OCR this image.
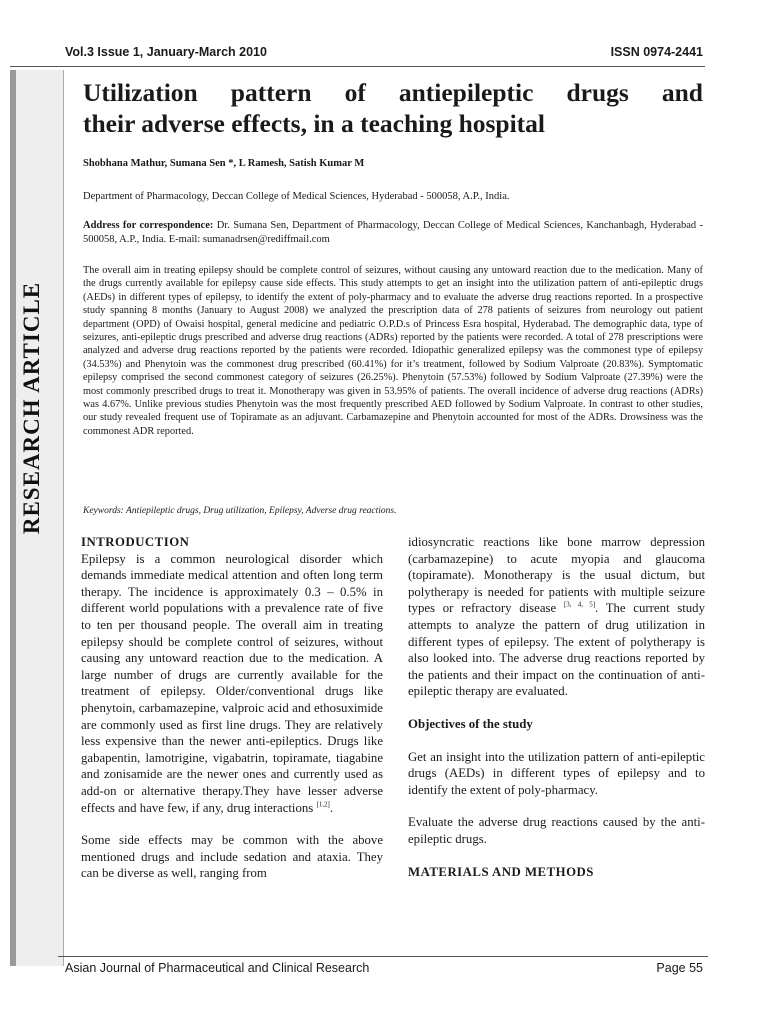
Vol.3 Issue 1, January-March 2010	ISSN 0974-2441
RESEARCH ARTICLE
Utilization pattern of antiepileptic drugs and
their adverse effects, in a teaching hospital
Shobhana Mathur, Sumana Sen *, L Ramesh, Satish Kumar M
Department of Pharmacology, Deccan College of Medical Sciences, Hyderabad - 500058, A.P., India.
Address for correspondence: Dr. Sumana Sen, Department of Pharmacology, Deccan College of Medical Sciences, Kanchanbagh, Hyderabad - 500058, A.P., India. E-mail: sumanadrsen@rediffmail.com

The overall aim in treating epilepsy should be complete control of seizures, without causing any untoward reaction due to the medication. Many of the drugs currently available for epilepsy cause side effects. This study attempts to get an insight into the utilization pattern of anti-epileptic drugs (AEDs) in different types of epilepsy, to identify the extent of poly-pharmacy and to evaluate the adverse drug reactions reported. In a prospective study spanning 8 months (January to August 2008) we analyzed the prescription data of 278 patients of seizures from neurology out patient department (OPD) of Owaisi hospital, general medicine and pediatric O.P.D.s of Princess Esra hospital, Hyderabad. The demographic data, type of seizures, anti-epileptic drugs prescribed and adverse drug reactions (ADRs) reported by the patients were recorded. A total of 278 prescriptions were analyzed and adverse drug reactions reported by the patients were recorded. Idiopathic generalized epilepsy was the commonest type of epilepsy (34.53%) and Phenytoin was the commonest drug prescribed (60.41%) for it’s treatment, followed by Sodium Valproate (20.83%). Symptomatic epilepsy comprised the second commonest category of seizures (26.25%). Phenytoin (57.53%) followed by Sodium Valproate (27.39%) were the most commonly prescribed drugs to treat it. Monotherapy was given in 53.95% of patients. The overall incidence of adverse drug reactions (ADRs) was 4.67%. Unlike previous studies Phenytoin was the most frequently prescribed AED followed by Sodium Valproate. In contrast to other studies, our study revealed frequent use of Topiramate as an adjuvant. Carbamazepine and Phenytoin accounted for most of the ADRs. Drowsiness was the commonest ADR reported.

Keywords: Antiepileptic drugs, Drug utilization, Epilepsy, Adverse drug reactions.
INTRODUCTION

Epilepsy is a common neurological disorder which demands immediate medical attention and often long term therapy. The incidence is approximately 0.3 – 0.5% in different world populations with a prevalence rate of five to ten per thousand people. The overall aim in treating epilepsy should be complete control of seizures, without causing any untoward reaction due to the medication. A large number of drugs are currently available for the treatment of epilepsy. Older/conventional drugs like phenytoin, carbamazepine, valproic acid and ethosuximide are commonly used as first line drugs. They are relatively less expensive than the newer anti-epileptics. Drugs like gabapentin, lamotrigine, vigabatrin, topiramate, tiagabine and zonisamide are the newer ones and currently used as add-on or alternative therapy.They have lesser adverse effects and have few, if any, drug interactions [1,2].

Some side effects may be common with the above mentioned drugs and include sedation and ataxia. They can be diverse as well, ranging from

idiosyncratic reactions like bone marrow depression (carbamazepine) to acute myopia and glaucoma (topiramate). Monotherapy is the usual dictum, but polytherapy is needed for patients with multiple seizure types or refractory disease [3, 4, 5]. The current study attempts to analyze the pattern of drug utilization in different types of epilepsy. The extent of polytherapy is also looked into. The adverse drug reactions reported by the patients and their impact on the continuation of anti-epileptic therapy are evaluated.

Objectives of the study

Get an insight into the utilization pattern of anti-epileptic drugs (AEDs) in different types of epilepsy and to identify the extent of poly-pharmacy.

Evaluate the adverse drug reactions caused by the anti-epileptic drugs.

MATERIALS AND METHODS
Asian Journal of Pharmaceutical and Clinical Research	Page 55
